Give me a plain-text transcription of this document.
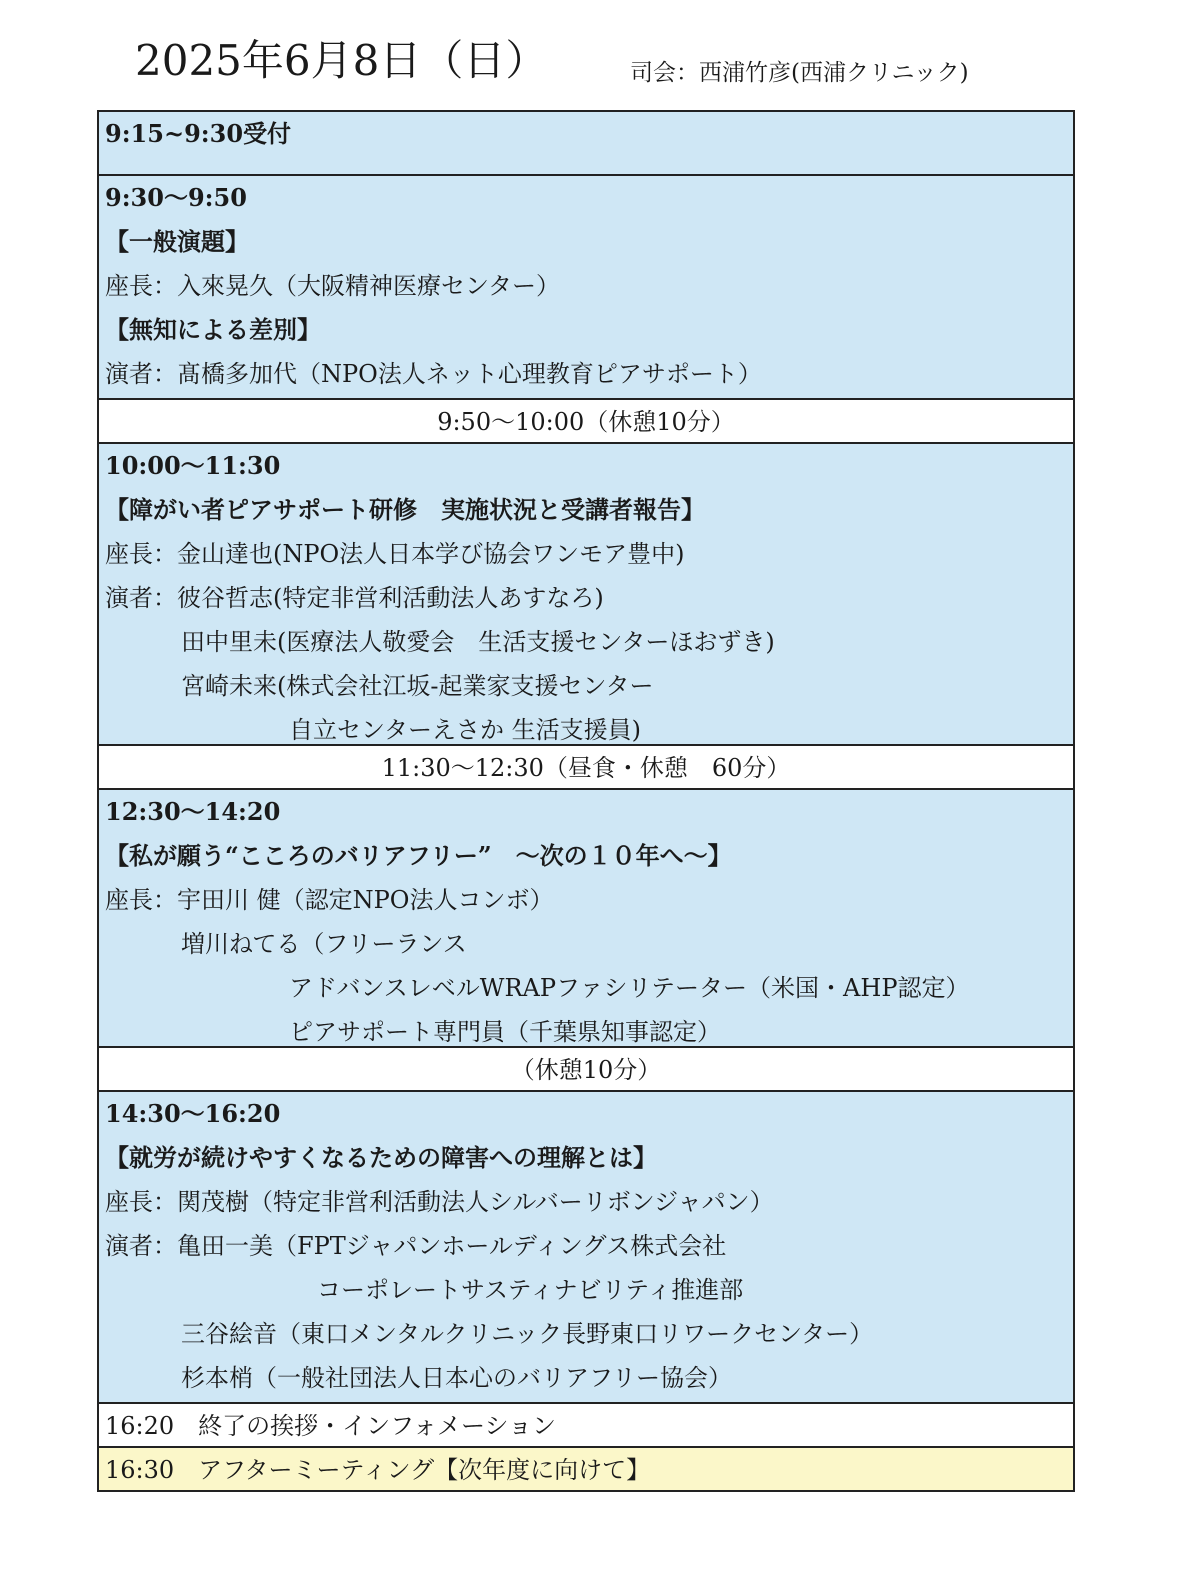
2025年6月8日（日）	司会：西浦竹彦(西浦クリニック)
9:15~9:30受付
9:30〜9:50
【一般演題】
座長：入來晃久（大阪精神医療センター）
【無知による差別】
演者：髙橋多加代（NPO法人ネット心理教育ピアサポート）
9:50〜10:00（休憩10分）
10:00〜11:30
【障がい者ピアサポート研修　実施状況と受講者報告】
座長：金山達也(NPO法人日本学び協会ワンモア豊中)
演者：彼谷哲志(特定非営利活動法人あすなろ)
田中里未(医療法人敬愛会　生活支援センターほおずき)
宮崎未来(株式会社江坂-起業家支援センター
自立センターえさか 生活支援員)
11:30〜12:30（昼食・休憩　60分）
12:30〜14:20
【私が願う“こころのバリアフリー”　〜次の１０年へ〜】
座長：宇田川 健（認定NPO法人コンボ）
増川ねてる（フリーランス
アドバンスレベルWRAPファシリテーター（米国・AHP認定）
ピアサポート専門員（千葉県知事認定）
（休憩10分）
14:30〜16:20
【就労が続けやすくなるための障害への理解とは】
座長：関茂樹（特定非営利活動法人シルバーリボンジャパン）
演者：亀田一美（FPTジャパンホールディングス株式会社
コーポレートサスティナビリティ推進部
三谷絵音（東口メンタルクリニック長野東口リワークセンター）
杉本梢（一般社団法人日本心のバリアフリー協会）
16:20　終了の挨拶・インフォメーション
16:30　アフターミーティング【次年度に向けて】
